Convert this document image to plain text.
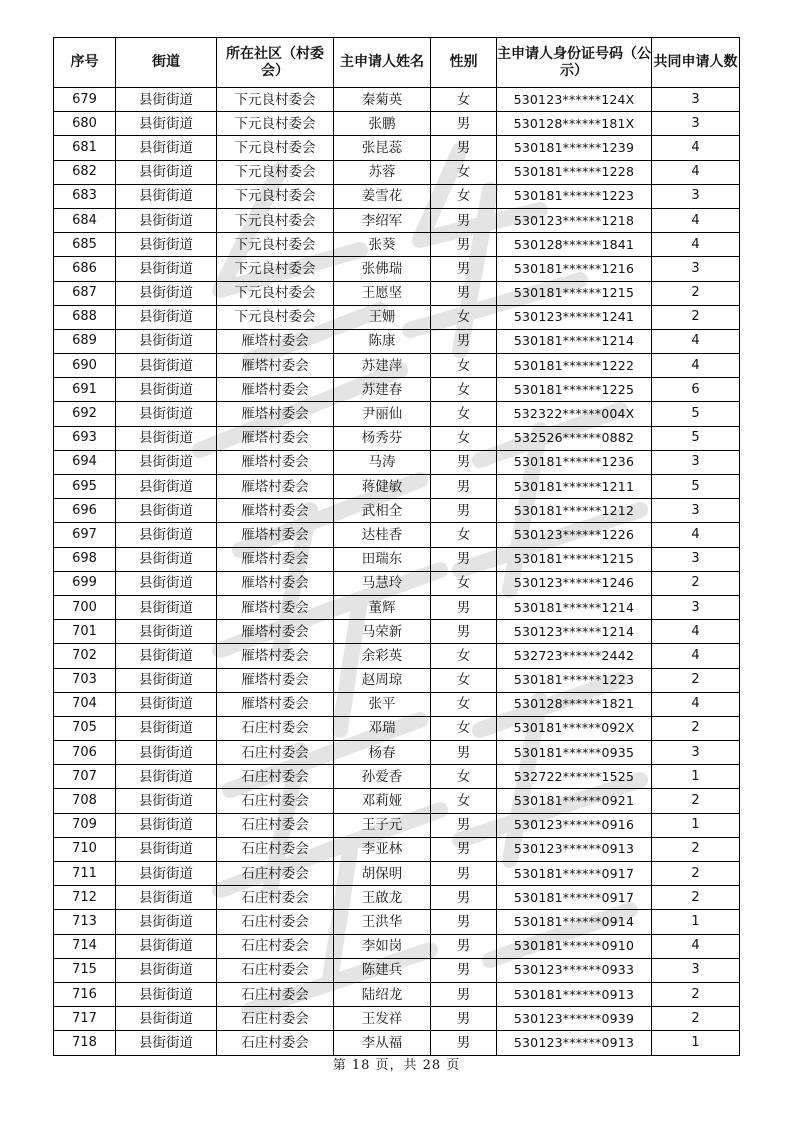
序号	街道	所在社区（村委会）	主申请人姓名	性别	主申请人身份证号码（公示）	共同申请人数
679	县街街道	下元良村委会	秦菊英	女	530123******124X	3
680	县街街道	下元良村委会	张鹏	男	530128******181X	3
681	县街街道	下元良村委会	张昆蕊	男	530181******1239	4
682	县街街道	下元良村委会	苏蓉	女	530181******1228	4
683	县街街道	下元良村委会	姜雪花	女	530181******1223	3
684	县街街道	下元良村委会	李绍军	男	530123******1218	4
685	县街街道	下元良村委会	张葵	男	530128******1841	4
686	县街街道	下元良村委会	张佛瑞	男	530181******1216	3
687	县街街道	下元良村委会	王愿坚	男	530181******1215	2
688	县街街道	下元良村委会	王姗	女	530123******1241	2
689	县街街道	雁塔村委会	陈康	男	530181******1214	4
690	县街街道	雁塔村委会	苏建萍	女	530181******1222	4
691	县街街道	雁塔村委会	苏建春	女	530181******1225	6
692	县街街道	雁塔村委会	尹丽仙	女	532322******004X	5
693	县街街道	雁塔村委会	杨秀芬	女	532526******0882	5
694	县街街道	雁塔村委会	马涛	男	530181******1236	3
695	县街街道	雁塔村委会	蒋健敏	男	530181******1211	5
696	县街街道	雁塔村委会	武相全	男	530181******1212	3
697	县街街道	雁塔村委会	达桂香	女	530123******1226	4
698	县街街道	雁塔村委会	田瑞东	男	530181******1215	3
699	县街街道	雁塔村委会	马慧玲	女	530123******1246	2
700	县街街道	雁塔村委会	董辉	男	530181******1214	3
701	县街街道	雁塔村委会	马荣新	男	530123******1214	4
702	县街街道	雁塔村委会	余彩英	女	532723******2442	4
703	县街街道	雁塔村委会	赵周琼	女	530181******1223	2
704	县街街道	雁塔村委会	张平	女	530128******1821	4
705	县街街道	石庄村委会	邓瑞	女	530181******092X	2
706	县街街道	石庄村委会	杨春	男	530181******0935	3
707	县街街道	石庄村委会	孙爱香	女	532722******1525	1
708	县街街道	石庄村委会	邓莉娅	女	530181******0921	2
709	县街街道	石庄村委会	王子元	男	530123******0916	1
710	县街街道	石庄村委会	李亚林	男	530123******0913	2
711	县街街道	石庄村委会	胡保明	男	530181******0917	2
712	县街街道	石庄村委会	王啟龙	男	530181******0917	2
713	县街街道	石庄村委会	王洪华	男	530181******0914	1
714	县街街道	石庄村委会	李如岗	男	530181******0910	4
715	县街街道	石庄村委会	陈建兵	男	530123******0933	3
716	县街街道	石庄村委会	陆绍龙	男	530181******0913	2
717	县街街道	石庄村委会	王发祥	男	530123******0939	2
718	县街街道	石庄村委会	李从福	男	530123******0913	1
第 18 页，共 28 页
